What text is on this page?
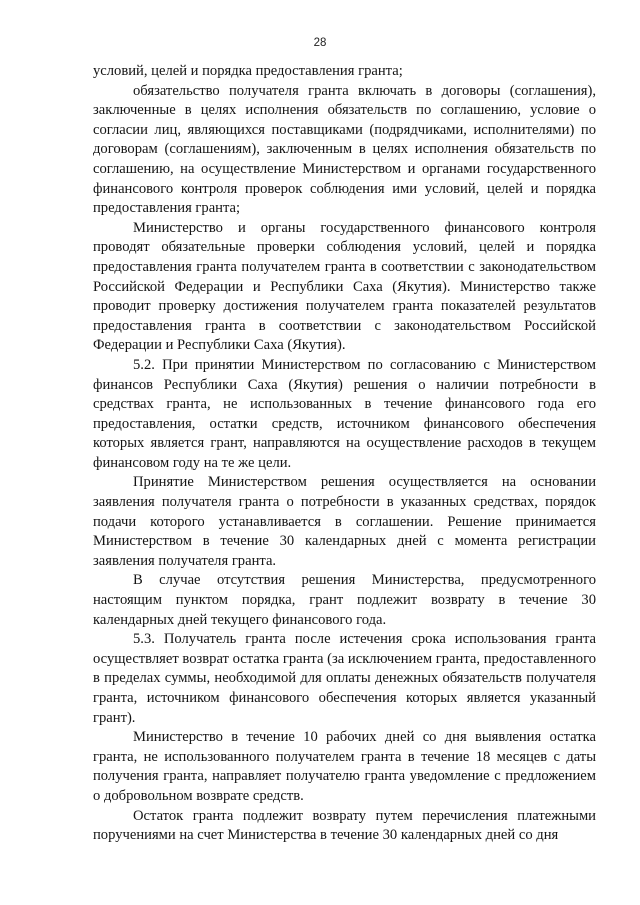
28

условий, целей и порядка предоставления гранта;

обязательство получателя гранта включать в договоры (соглашения), заключенные в целях исполнения обязательств по соглашению, условие о согласии лиц, являющихся поставщиками (подрядчиками, исполнителями) по договорам (соглашениям), заключенным в целях исполнения обязательств по соглашению, на осуществление Министерством и органами государственного финансового контроля проверок соблюдения ими условий, целей и порядка предоставления гранта;

Министерство и органы государственного финансового контроля проводят обязательные проверки соблюдения условий, целей и порядка предоставления гранта получателем гранта в соответствии с законодательством Российской Федерации и Республики Саха (Якутия). Министерство также проводит проверку достижения получателем гранта показателей результатов предоставления гранта в соответствии с законодательством Российской Федерации и Республики Саха (Якутия).

5.2. При принятии Министерством по согласованию с Министерством финансов Республики Саха (Якутия) решения о наличии потребности в средствах гранта, не использованных в течение финансового года его предоставления, остатки средств, источником финансового обеспечения которых является грант, направляются на осуществление расходов в текущем финансовом году на те же цели.

Принятие Министерством решения осуществляется на основании заявления получателя гранта о потребности в указанных средствах, порядок подачи которого устанавливается в соглашении. Решение принимается Министерством в течение 30 календарных дней с момента регистрации заявления получателя гранта.

В случае отсутствия решения Министерства, предусмотренного настоящим пунктом порядка, грант подлежит возврату в течение 30 календарных дней текущего финансового года.

5.3. Получатель гранта после истечения срока использования гранта осуществляет возврат остатка гранта (за исключением гранта, предоставленного в пределах суммы, необходимой для оплаты денежных обязательств получателя гранта, источником финансового обеспечения которых является указанный грант).

Министерство в течение 10 рабочих дней со дня выявления остатка гранта, не использованного получателем гранта в течение 18 месяцев с даты получения гранта, направляет получателю гранта уведомление с предложением о добровольном возврате средств.

Остаток гранта подлежит возврату путем перечисления платежными поручениями на счет Министерства в течение 30 календарных дней со дня
